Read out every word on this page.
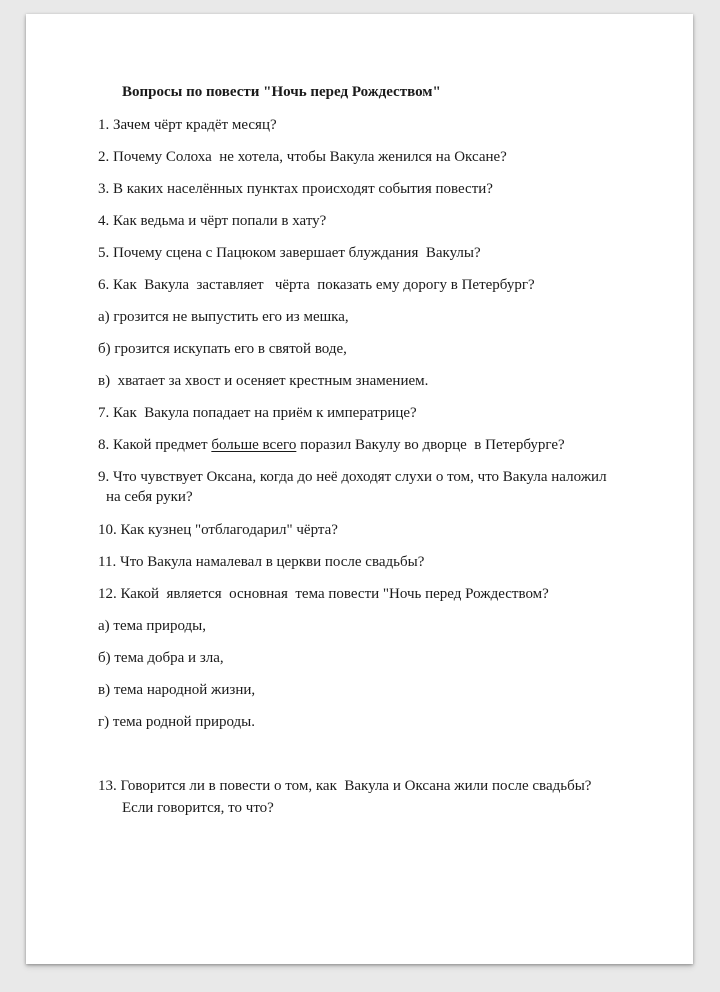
Вопросы по повести "Ночь перед Рождеством"
1. Зачем чёрт крадёт месяц?
2. Почему Солоха  не хотела, чтобы Вакула женился на Оксане?
3. В каких населённых пунктах происходят события повести?
4. Как ведьма и чёрт попали в хату?
5. Почему сцена с Пацюком завершает блуждания  Вакулы?
6. Как  Вакула  заставляет   чёрта  показать ему дорогу в Петербург?
а) грозится не выпустить его из мешка,
б) грозится искупать его в святой воде,
в)  хватает за хвост и осеняет крестным знамением.
7. Как  Вакула попадает на приём к императрице?
8. Какой предмет больше всего поразил Вакулу во дворце  в Петербурге?
9. Что чувствует Оксана, когда до неё доходят слухи о том, что Вакула наложил
на себя руки?
10. Как кузнец "отблагодарил" чёрта?
11. Что Вакула намалевал в церкви после свадьбы?
12. Какой  является  основная  тема повести "Ночь перед Рождеством?
а) тема природы,
б) тема добра и зла,
в) тема народной жизни,
г) тема родной природы.
13. Говорится ли в повести о том, как  Вакула и Оксана жили после свадьбы?
Если говорится, то что?
